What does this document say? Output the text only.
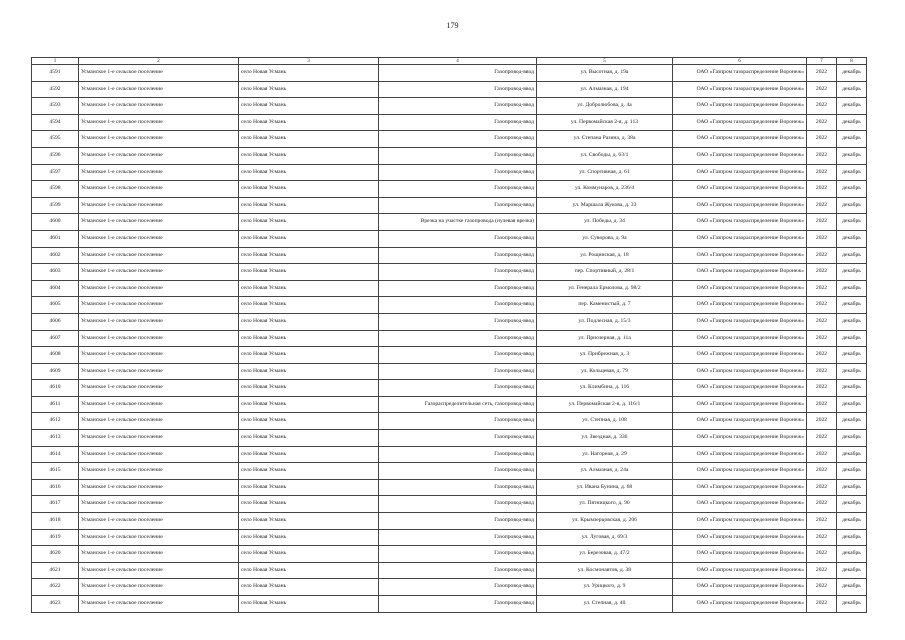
179
1	2	3	4	5	6	7	8
4591	Усманское 1-е сельское поселение	село Новая Усмань	Газопровод-ввод	ул. Высотная, д. 19а	ОАО «Газпром газораспределение Воронеж»	2022	декабрь
4592	Усманское 1-е сельское поселение	село Новая Усмань	Газопровод-ввод	ул. Алмазная, д. 194	ОАО «Газпром газораспределение Воронеж»	2022	декабрь
4593	Усманское 1-е сельское поселение	село Новая Усмань	Газопровод-ввод	ул. Добролюбова, д. 4а	ОАО «Газпром газораспределение Воронеж»	2022	декабрь
4594	Усманское 1-е сельское поселение	село Новая Усмань	Газопровод-ввод	ул. Первомайская 2-я, д. 113	ОАО «Газпром газораспределение Воронеж»	2022	декабрь
4595	Усманское 1-е сельское поселение	село Новая Усмань	Газопровод-ввод	ул. Степана Разина, д. 38а	ОАО «Газпром газораспределение Воронеж»	2022	декабрь
4596	Усманское 1-е сельское поселение	село Новая Усмань	Газопровод-ввод	ул. Свободы, д. 63/1	ОАО «Газпром газораспределение Воронеж»	2022	декабрь
4597	Усманское 1-е сельское поселение	село Новая Усмань	Газопровод-ввод	ул. Спортивная, д. 61	ОАО «Газпром газораспределение Воронеж»	2022	декабрь
4598	Усманское 1-е сельское поселение	село Новая Усмань	Газопровод-ввод	ул. Коммунаров, д. 236/4	ОАО «Газпром газораспределение Воронеж»	2022	декабрь
4599	Усманское 1-е сельское поселение	село Новая Усмань	Газопровод-ввод	ул. Маршала Жукова, д. 33	ОАО «Газпром газораспределение Воронеж»	2022	декабрь
4600	Усманское 1-е сельское поселение	село Новая Усмань	Врезка на участке газопровода (нулевая врезка)	ул. Победы, д. 34	ОАО «Газпром газораспределение Воронеж»	2022	декабрь
4601	Усманское 1-е сельское поселение	село Новая Усмань	Газопровод-ввод	ул. Суворова, д. 9а	ОАО «Газпром газораспределение Воронеж»	2022	декабрь
4602	Усманское 1-е сельское поселение	село Новая Усмань	Газопровод-ввод	ул. Рощинская, д. 18	ОАО «Газпром газораспределение Воронеж»	2022	декабрь
4603	Усманское 1-е сельское поселение	село Новая Усмань	Газопровод-ввод	пер. Спортивный, д. 28/1	ОАО «Газпром газораспределение Воронеж»	2022	декабрь
4604	Усманское 1-е сельское поселение	село Новая Усмань	Газопровод-ввод	ул. Генерала Ермолова, д. 98/2	ОАО «Газпром газораспределение Воронеж»	2022	декабрь
4605	Усманское 1-е сельское поселение	село Новая Усмань	Газопровод-ввод	пер. Каменистый, д. 7	ОАО «Газпром газораспределение Воронеж»	2022	декабрь
4606	Усманское 1-е сельское поселение	село Новая Усмань	Газопровод-ввод	ул. Подлесная, д. 15/3	ОАО «Газпром газораспределение Воронеж»	2022	декабрь
4607	Усманское 1-е сельское поселение	село Новая Усмань	Газопровод-ввод	ул. Приозерная, д. 11а	ОАО «Газпром газораспределение Воронеж»	2022	декабрь
4608	Усманское 1-е сельское поселение	село Новая Усмань	Газопровод-ввод	ул. Прибрежная, д. 3	ОАО «Газпром газораспределение Воронеж»	2022	декабрь
4609	Усманское 1-е сельское поселение	село Новая Усмань	Газопровод-ввод	ул. Кольцевая, д. 79	ОАО «Газпром газораспределение Воронеж»	2022	декабрь
4610	Усманское 1-е сельское поселение	село Новая Усмань	Газопровод-ввод	ул. Климбина, д. 116	ОАО «Газпром газораспределение Воронеж»	2022	декабрь
4611	Усманское 1-е сельское поселение	село Новая Усмань	Газораспределительная сеть, газопровод-ввод	ул. Первомайская 2-я, д. 116/1	ОАО «Газпром газораспределение Воронеж»	2022	декабрь
4612	Усманское 1-е сельское поселение	село Новая Усмань	Газопровод-ввод	ул. Степная, д. 108	ОАО «Газпром газораспределение Воронеж»	2022	декабрь
4613	Усманское 1-е сельское поселение	село Новая Усмань	Газопровод-ввод	ул. Звездная, д. 336	ОАО «Газпром газораспределение Воронеж»	2022	декабрь
4614	Усманское 1-е сельское поселение	село Новая Усмань	Газопровод-ввод	ул. Нагорная, д. 29	ОАО «Газпром газораспределение Воронеж»	2022	декабрь
4615	Усманское 1-е сельское поселение	село Новая Усмань	Газопровод-ввод	ул. Алмазная, д. 24а	ОАО «Газпром газораспределение Воронеж»	2022	декабрь
4616	Усманское 1-е сельское поселение	село Новая Усмань	Газопровод-ввод	ул. Ивана Бунина, д. 68	ОАО «Газпром газораспределение Воронеж»	2022	декабрь
4617	Усманское 1-е сельское поселение	село Новая Усмань	Газопровод-ввод	ул. Пятницкого, д. 90	ОАО «Газпром газораспределение Воронеж»	2022	декабрь
4618	Усманское 1-е сельское поселение	село Новая Усмань	Газопровод-ввод	ул. Крымзерцовская, д. 206	ОАО «Газпром газораспределение Воронеж»	2022	декабрь
4619	Усманское 1-е сельское поселение	село Новая Усмань	Газопровод-ввод	ул. Луговая, д. 69/3	ОАО «Газпром газораспределение Воронеж»	2022	декабрь
4620	Усманское 1-е сельское поселение	село Новая Усмань	Газопровод-ввод	ул. Березовая, д. 47/2	ОАО «Газпром газораспределение Воронеж»	2022	декабрь
4621	Усманское 1-е сельское поселение	село Новая Усмань	Газопровод-ввод	ул. Космонавтов, д. 38	ОАО «Газпром газораспределение Воронеж»	2022	декабрь
4622	Усманское 1-е сельское поселение	село Новая Усмань	Газопровод-ввод	ул. Урицкого, д. 9	ОАО «Газпром газораспределение Воронеж»	2022	декабрь
4623	Усманское 1-е сельское поселение	село Новая Усмань	Газопровод-ввод	ул. Степная, д. 40	ОАО «Газпром газораспределение Воронеж»	2022	декабрь
